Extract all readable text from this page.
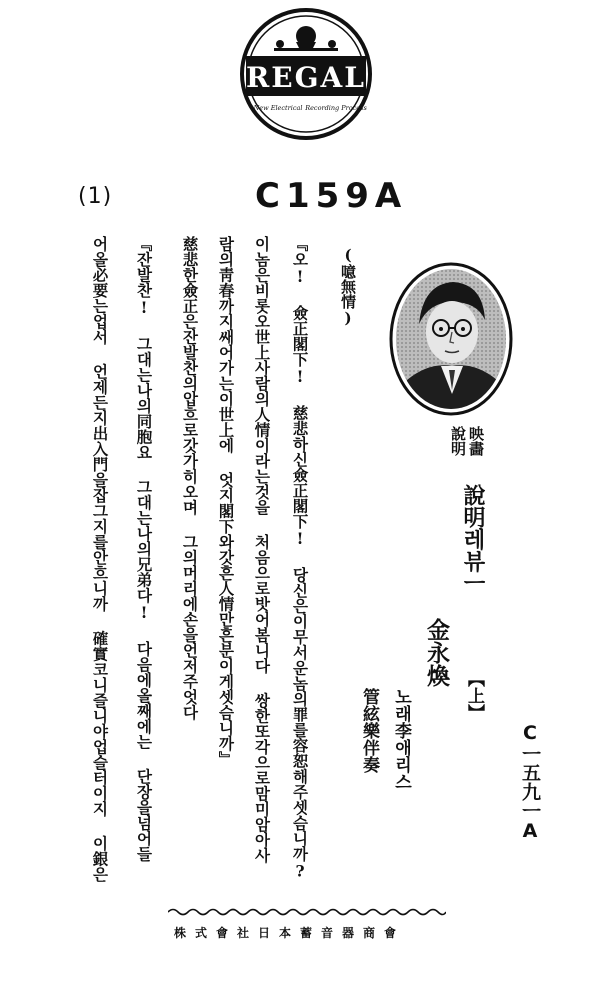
REGAL
New Electrical Recording Process
(1)	C159A
『오! 僉正閣下! 慈悲하신僉正閣下! 당신은이무서운놈의罪를容恕해주셋슴니까?
이놈은비롯오世上사람의人情이라는것을 처음으로밧어봄니다 쌍한또각으로맘미암아사
람의靑春까지쌔어가는이世上에 엇지閣下와갓흔人情만흔분이게셋슴니까』
慈悲한僉正은잔발찬의압흐로갓가히오며 그의머리에손을언저주엇다
『잔발찬! 그대는나의同胞요 그대는나의兄弟다! 다음에올째에는 단장을넘어들
어올必要는업서 언제든지出入門을잡그지를안흐니까 確實코니즐니야업슬터이지 이銀은	(噫無情)
映畵
說明
說明레뷰ㅡ
【上】
金永煥
노래李애리스
管絃樂伴奏	Cㅡ五九ㅡA
株式會社日本蓄音器商會
